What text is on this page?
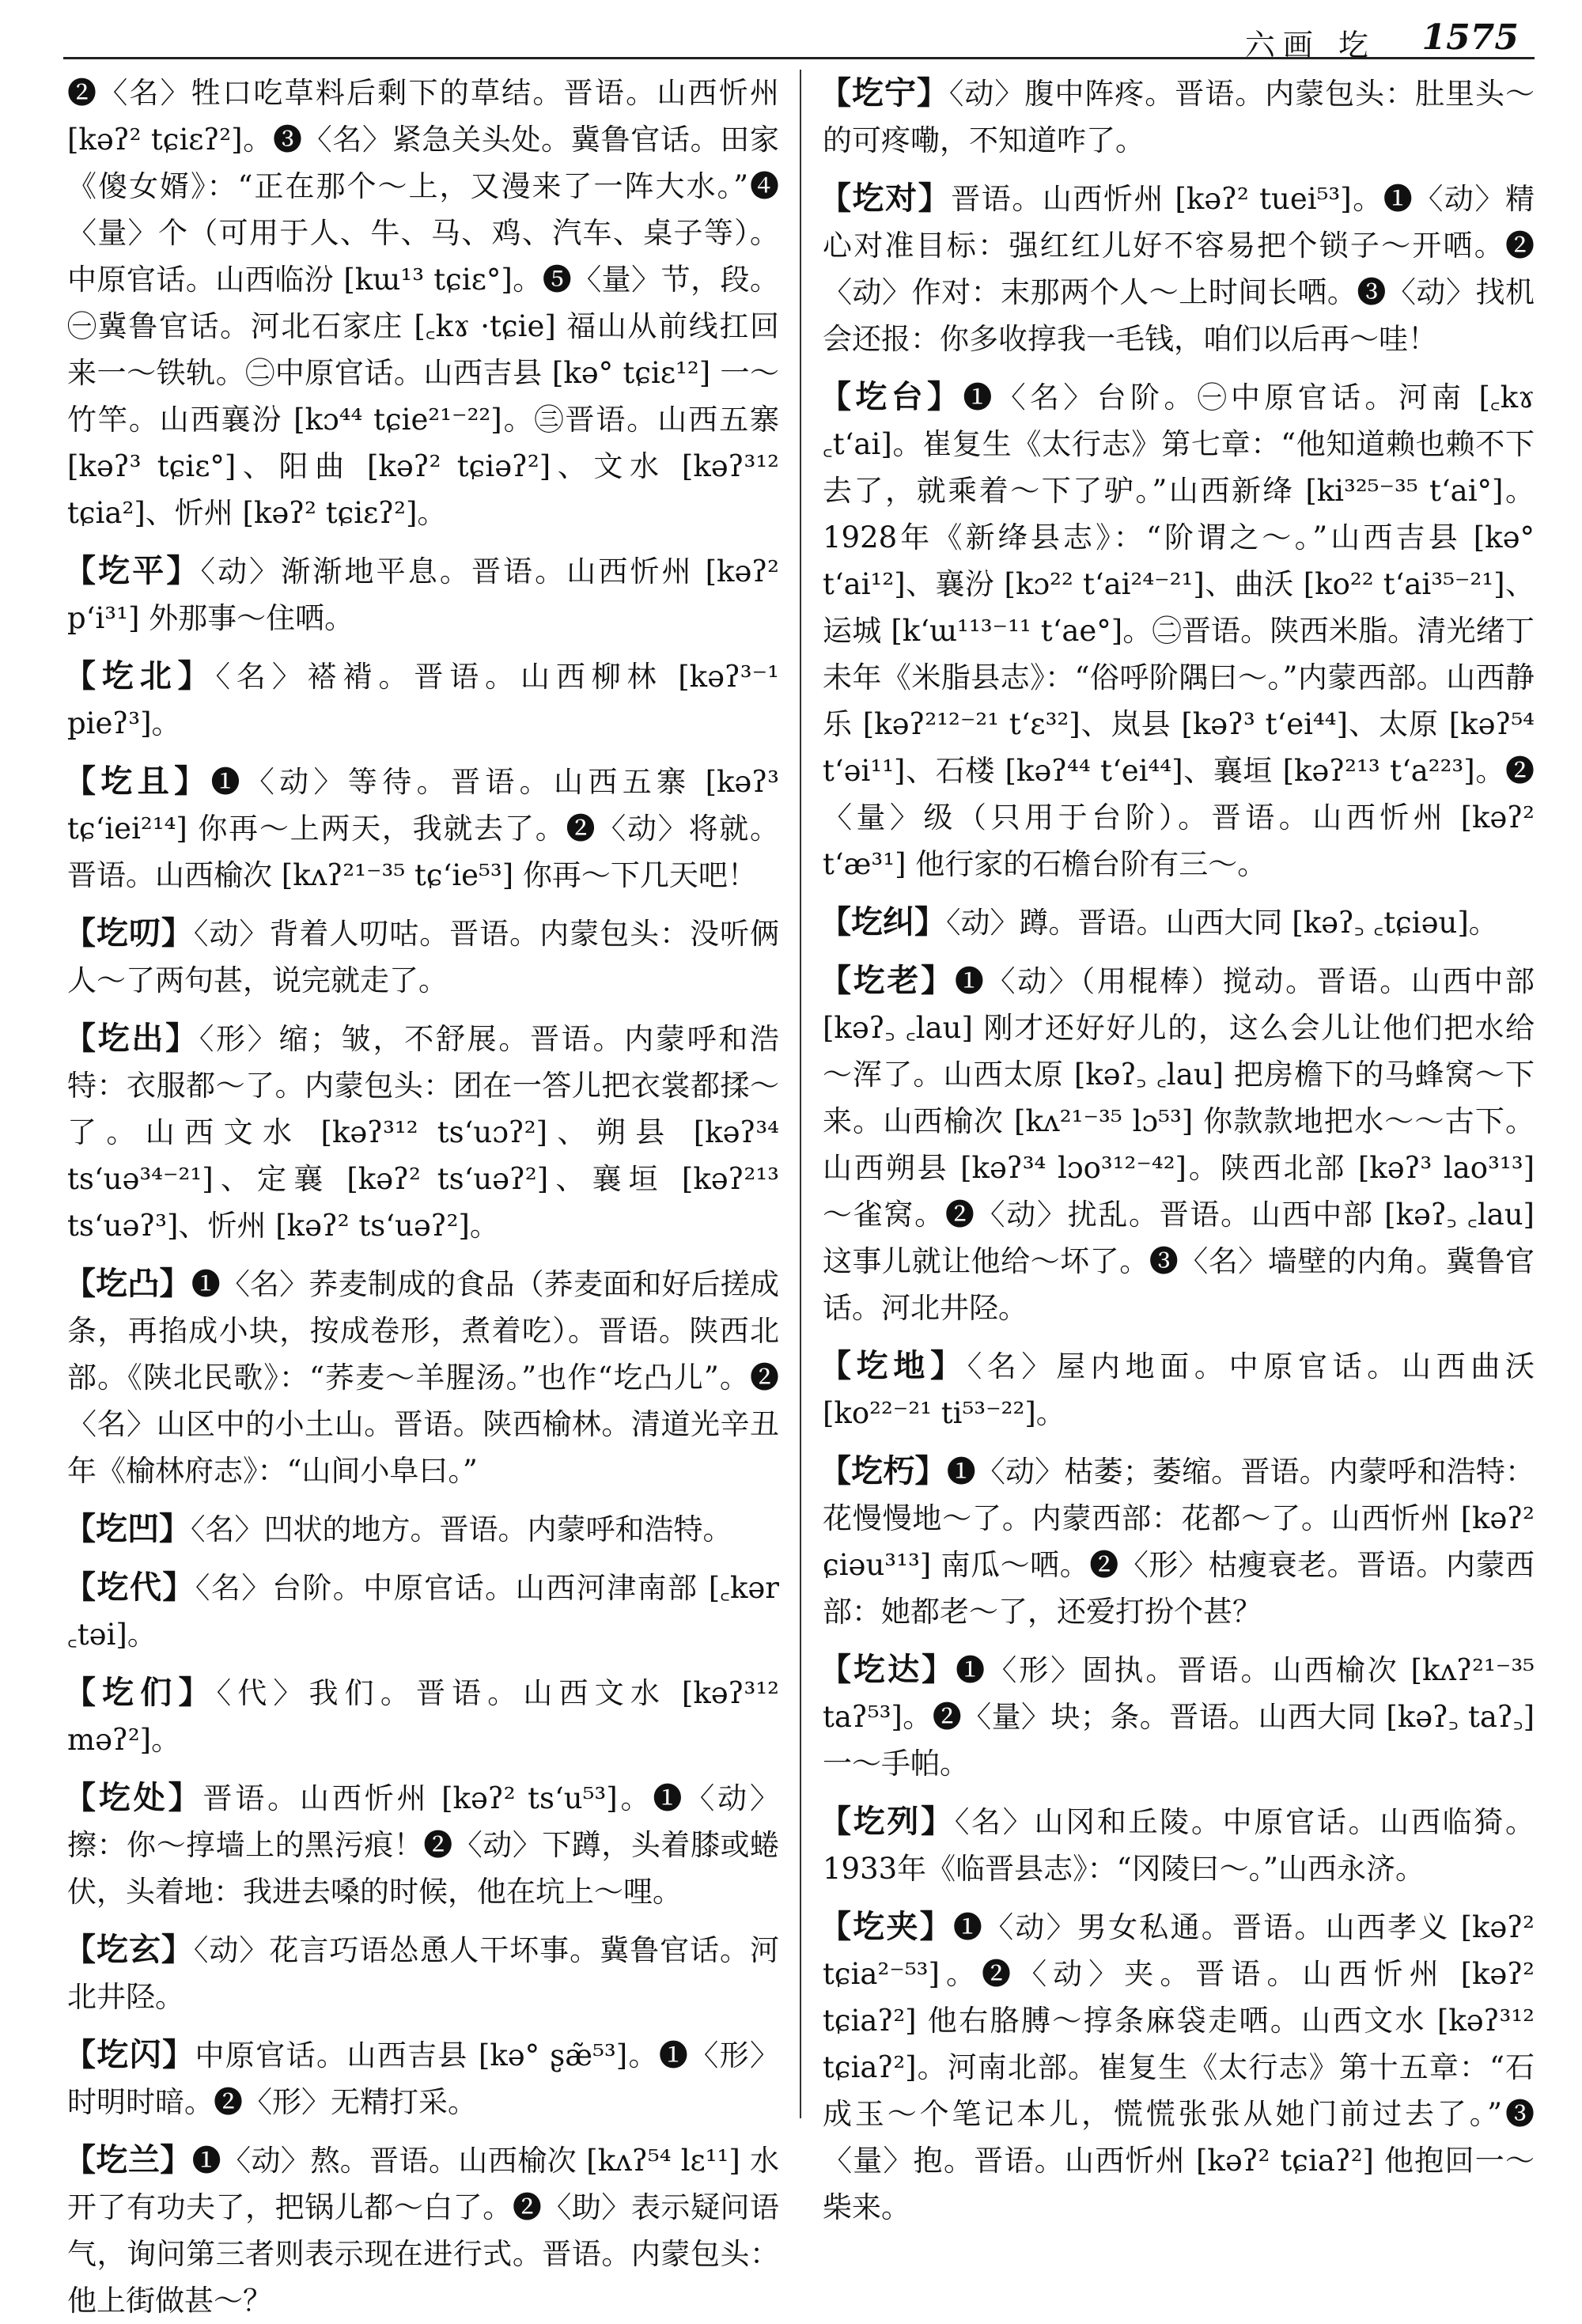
六画 圪 1575

❷〈名〉牲口吃草料后剩下的草结。晋语。山西忻州 [kəʔ² tɕiɛʔ²]。❸〈名〉紧急关头处。冀鲁官话。田家《傻女婿》：“正在那个～上，又漫来了一阵大水。”❹〈量〉个（可用于人、牛、马、鸡、汽车、桌子等）。中原官话。山西临汾 [kɯ¹³ tɕiɛ°]。❺〈量〉节，段。㊀冀鲁官话。河北石家庄 [꜀kɤ ·tɕie] 福山从前线扛回来一～铁轨。㊁中原官话。山西吉县 [kə° tɕiɛ¹²] 一～竹竿。山西襄汾 [kɔ⁴⁴ tɕie²¹⁻²²]。㊂晋语。山西五寨 [kəʔ³ tɕiɛ°]、阳曲 [kəʔ² tɕiəʔ²]、文水 [kəʔ³¹² tɕia²]、忻州 [kəʔ² tɕiɛʔ²]。

【圪平】〈动〉渐渐地平息。晋语。山西忻州 [kəʔ² pʻi³¹] 外那事～住哂。

【圪北】〈名〉褡褙。晋语。山西柳林 [kəʔ³⁻¹ pieʔ³]。

【圪且】❶〈动〉等待。晋语。山西五寨 [kəʔ³ tɕʻiei²¹⁴] 你再～上两天，我就去了。❷〈动〉将就。晋语。山西榆次 [kʌʔ²¹⁻³⁵ tɕʻie⁵³] 你再～下几天吧！

【圪叨】〈动〉背着人叨咕。晋语。内蒙包头：没听俩人～了两句甚，说完就走了。

【圪出】〈形〉缩；皱，不舒展。晋语。内蒙呼和浩特：衣服都～了。内蒙包头：团在一答儿把衣裳都揉～了。山西文水 [kəʔ³¹² tsʻuɔʔ²]、朔县 [kəʔ³⁴ tsʻuə³⁴⁻²¹]、定襄 [kəʔ² tsʻuəʔ²]、襄垣 [kəʔ²¹³ tsʻuəʔ³]、忻州 [kəʔ² tsʻuəʔ²]。

【圪凸】❶〈名〉荞麦制成的食品（荞麦面和好后搓成条，再掐成小块，按成卷形，煮着吃）。晋语。陕西北部。《陕北民歌》：“荞麦～羊腥汤。”也作“圪凸儿”。❷〈名〉山区中的小土山。晋语。陕西榆林。清道光辛丑年《榆林府志》：“山间小阜曰。”

【圪凹】〈名〉凹状的地方。晋语。内蒙呼和浩特。

【圪代】〈名〉台阶。中原官话。山西河津南部 [꜀kər ꜀təi]。

【圪们】〈代〉我们。晋语。山西文水 [kəʔ³¹² məʔ²]。

【圪处】晋语。山西忻州 [kəʔ² tsʻu⁵³]。❶〈动〉擦：你～㨃墙上的黑污痕！❷〈动〉下蹲，头着膝或蜷伏，头着地：我进去嗓的时候，他在坑上～哩。

【圪玄】〈动〉花言巧语怂恿人干坏事。冀鲁官话。河北井陉。

【圪闪】中原官话。山西吉县 [kə° ʂæ̃⁵³]。❶〈形〉时明时暗。❷〈形〉无精打采。

【圪兰】❶〈动〉熬。晋语。山西榆次 [kʌʔ⁵⁴ lɛ¹¹] 水开了有功夫了，把锅儿都～白了。❷〈助〉表示疑问语气，询问第三者则表示现在进行式。晋语。内蒙包头：他上街做甚～？

【圪宁】〈动〉腹中阵疼。晋语。内蒙包头：肚里头～的可疼嘞，不知道咋了。

【圪对】晋语。山西忻州 [kəʔ² tuei⁵³]。❶〈动〉精心对准目标：强红红儿好不容易把个锁子～开哂。❷〈动〉作对：末那两个人～上时间长哂。❸〈动〉找机会还报：你多收㨃我一毛钱，咱们以后再～哇！

【圪台】❶〈名〉台阶。㊀中原官话。河南 [꜀kɤ ꜀tʻai]。崔复生《太行志》第七章：“他知道赖也赖不下去了，就乘着～下了驴。”山西新绛 [ki³²⁵⁻³⁵ tʻai°]。1928年《新绛县志》：“阶谓之～。”山西吉县 [kə° tʻai¹²]、襄汾 [kɔ²² tʻai²⁴⁻²¹]、曲沃 [ko²² tʻai³⁵⁻²¹]、运城 [kʻɯ¹¹³⁻¹¹ tʻae°]。㊁晋语。陕西米脂。清光绪丁未年《米脂县志》：“俗呼阶隅曰～。”内蒙西部。山西静乐 [kəʔ²¹²⁻²¹ tʻɛ³²]、岚县 [kəʔ³ tʻei⁴⁴]、太原 [kəʔ⁵⁴ tʻəi¹¹]、石楼 [kəʔ⁴⁴ tʻei⁴⁴]、襄垣 [kəʔ²¹³ tʻa²²³]。❷〈量〉级（只用于台阶）。晋语。山西忻州 [kəʔ² tʻæ³¹] 他行家的石檐台阶有三～。

【圪纠】〈动〉蹲。晋语。山西大同 [kəʔ꜆ ꜀tɕiəu]。

【圪老】❶〈动〉（用棍棒）搅动。晋语。山西中部 [kəʔ꜆ ꜀lau] 刚才还好好儿的，这么会儿让他们把水给～浑了。山西太原 [kəʔ꜆ ꜀lau] 把房檐下的马蜂窝～下来。山西榆次 [kʌ²¹⁻³⁵ lɔ⁵³] 你款款地把水～～古下。山西朔县 [kəʔ³⁴ lɔo³¹²⁻⁴²]。陕西北部 [kəʔ³ lao³¹³] ～雀窝。❷〈动〉扰乱。晋语。山西中部 [kəʔ꜆ ꜀lau] 这事儿就让他给～坏了。❸〈名〉墙壁的内角。冀鲁官话。河北井陉。

【圪地】〈名〉屋内地面。中原官话。山西曲沃 [ko²²⁻²¹ ti⁵³⁻²²]。

【圪朽】❶〈动〉枯萎；萎缩。晋语。内蒙呼和浩特：花慢慢地～了。内蒙西部：花都～了。山西忻州 [kəʔ² ɕiəu³¹³] 南瓜～哂。❷〈形〉枯瘦衰老。晋语。内蒙西部：她都老～了，还爱打扮个甚？

【圪达】❶〈形〉固执。晋语。山西榆次 [kʌʔ²¹⁻³⁵ taʔ⁵³]。❷〈量〉块；条。晋语。山西大同 [kəʔ꜆ taʔ꜆] 一～手帕。

【圪列】〈名〉山冈和丘陵。中原官话。山西临猗。1933年《临晋县志》：“冈陵曰～。”山西永济。

【圪夹】❶〈动〉男女私通。晋语。山西孝义 [kəʔ² tɕia²⁻⁵³]。❷〈动〉夹。晋语。山西忻州 [kəʔ² tɕiaʔ²] 他右胳膊～㨃条麻袋走哂。山西文水 [kəʔ³¹² tɕiaʔ²]。河南北部。崔复生《太行志》第十五章：“石成玉～个笔记本儿，慌慌张张从她门前过去了。”❸〈量〉抱。晋语。山西忻州 [kəʔ² tɕiaʔ²] 他抱回一～柴来。
